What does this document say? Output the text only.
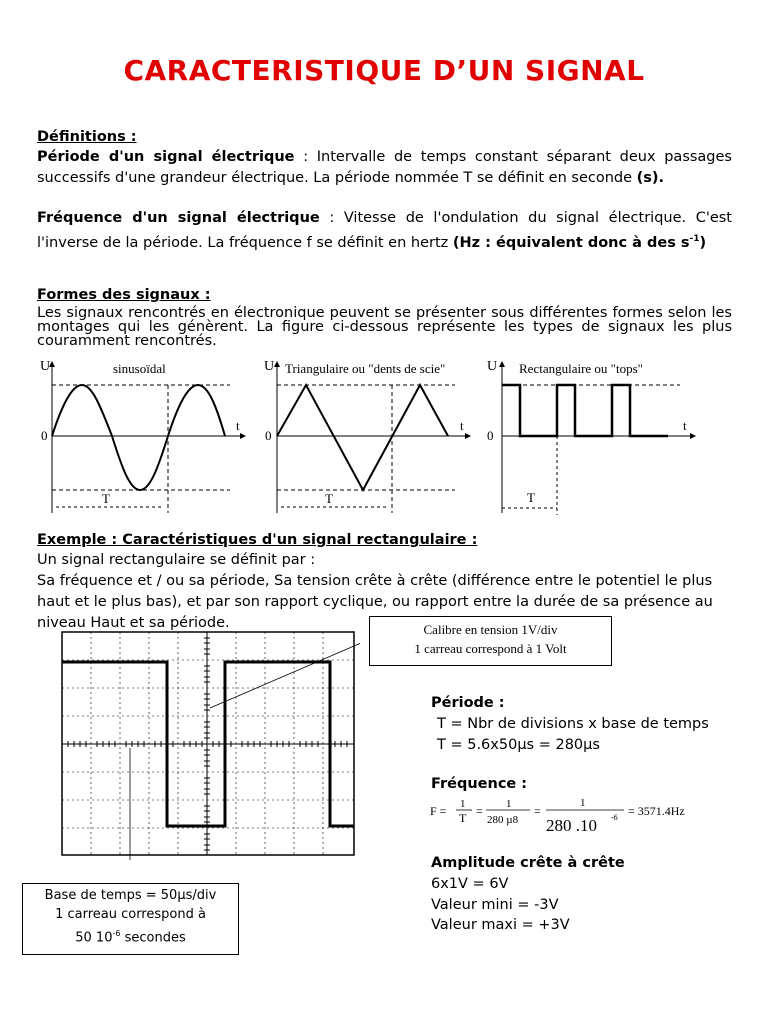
CARACTERISTIQUE D’UN SIGNAL
Définitions :
Période d'un signal électrique : Intervalle de temps constant séparant deux passages successifs d'une grandeur électrique. La période nommée T se définit en seconde (s).
Fréquence d'un signal électrique : Vitesse de l'ondulation du signal électrique. C'est l'inverse de la période. La fréquence f se définit en hertz (Hz : équivalent donc à des $s^{-1}$)
Formes des signaux :
Les signaux rencontrés en électronique peuvent se présenter sous différentes formes selon les montages qui les génèrent. La figure ci-dessous représente les types de signaux les plus couramment rencontrés.
sinusoïdal
U
0
t
T
Triangulaire ou "dents de scie"
U
0
t
T
Rectangulaire ou "tops"
U
0
t
T
Exemple : Caractéristiques d'un signal rectangulaire :
Un signal rectangulaire se définit par :
Sa fréquence et / ou sa période, Sa tension crête à crête (différence entre le potentiel le plus haut et le plus bas), et par son rapport cyclique, ou rapport entre la durée de sa présence au niveau Haut et sa période.	Calibre en tension 1V/div
1 carreau correspond à 1 Volt
Base de temps = 50µs/div
1 carreau correspond à
50 $10^{-6}$ secondes
Période :
T = Nbr de divisions x base de temps
T = 5.6x50µs = 280µs
Fréquence :
F = 1
T = 1
280 µ8
=
1
280 .10 -6 = 3571.4Hz
Amplitude crête à crête
6x1V = 6V
Valeur mini = -3V
Valeur maxi = +3V
